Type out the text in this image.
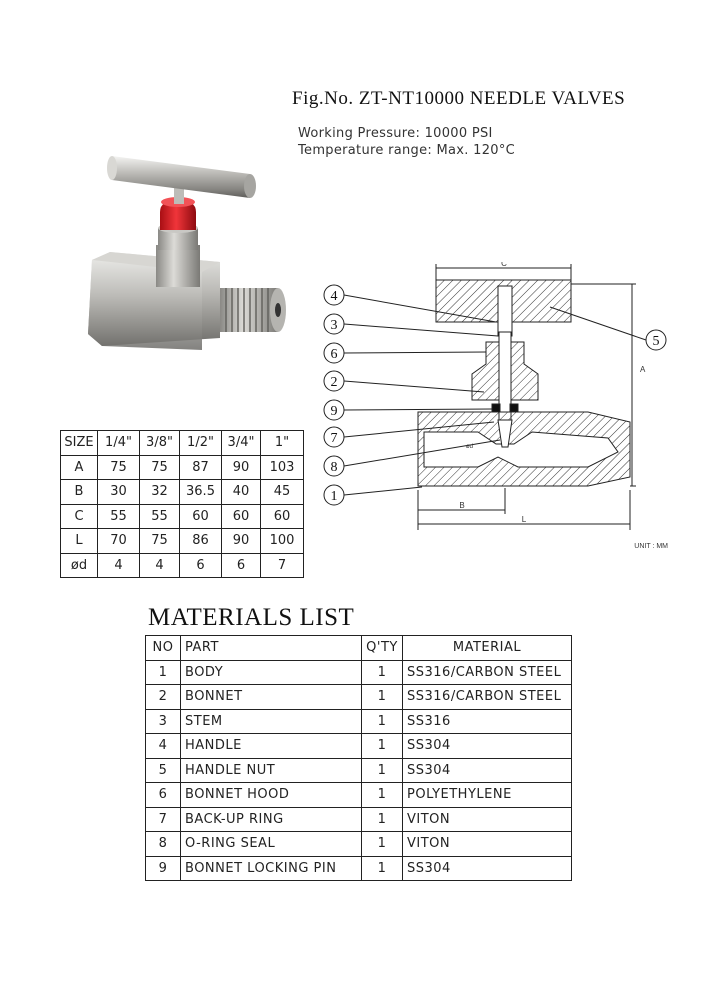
Fig.No. ZT-NT10000 NEEDLE VALVES
Working Pressure: 10000 PSI
Temperature range: Max. 120°C
4
3
6
2
9
7
8
1
5
C
A
B
L
ød
UNIT : MM
SIZE	1/4"	3/8"	1/2"	3/4"	1"
A	75	75	87	90	103
B	30	32	36.5	40	45
C	55	55	60	60	60
L	70	75	86	90	100
ød	4	4	6	6	7
MATERIALS LIST
NO	PART	Q'TY	MATERIAL
1	BODY	1	SS316/CARBON STEEL
2	BONNET	1	SS316/CARBON STEEL
3	STEM	1	SS316
4	HANDLE	1	SS304
5	HANDLE NUT	1	SS304
6	BONNET HOOD	1	POLYETHYLENE
7	BACK-UP RING	1	VITON
8	O-RING SEAL	1	VITON
9	BONNET LOCKING PIN	1	SS304
